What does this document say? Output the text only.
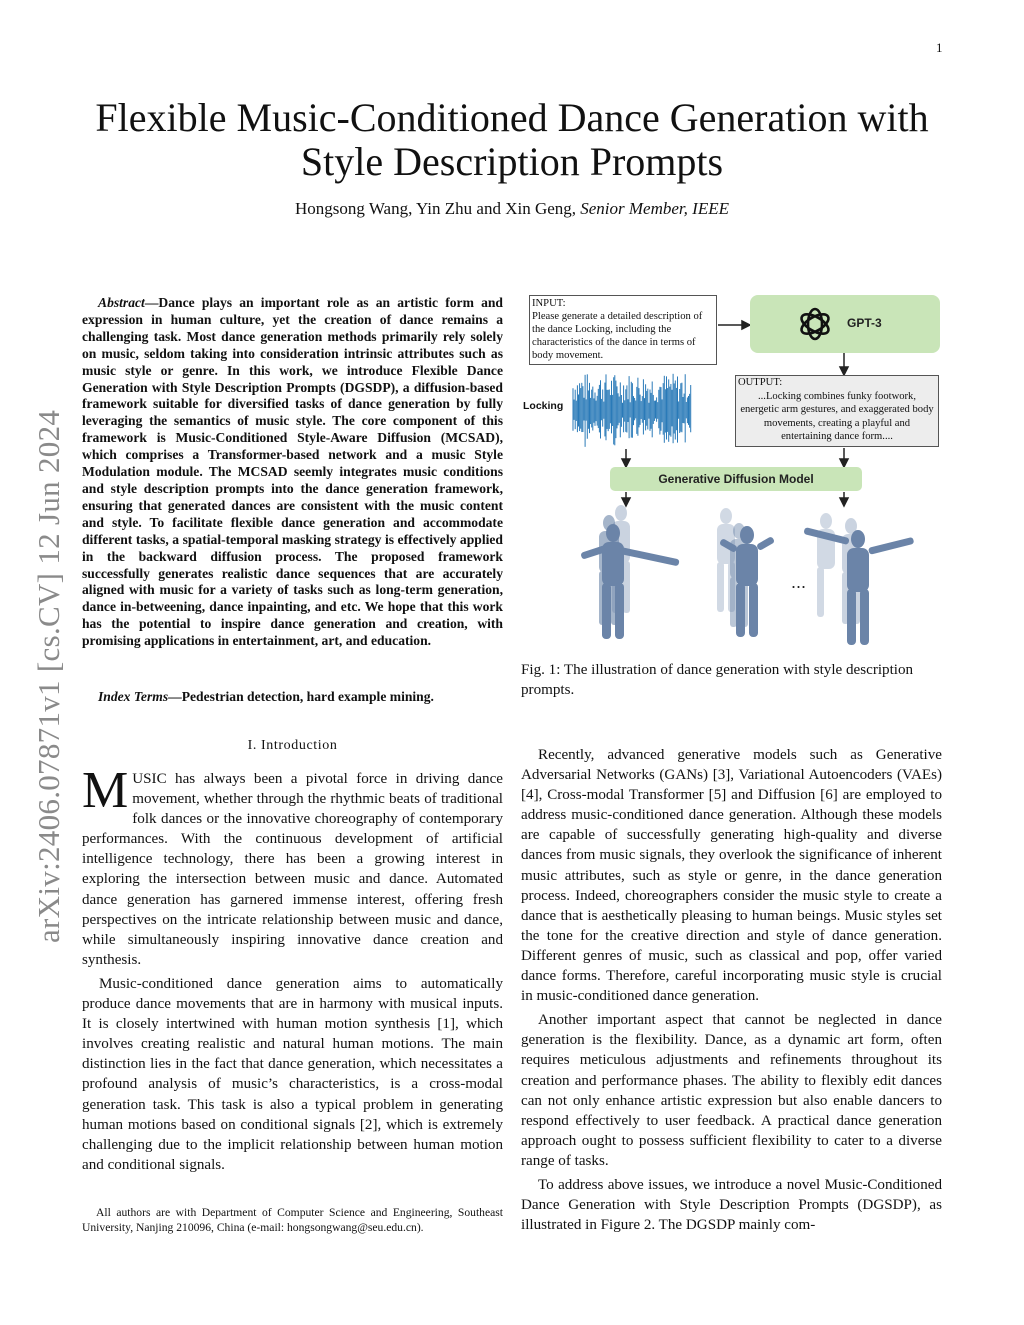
1
Flexible Music-Conditioned Dance Generation with Style Description Prompts
Hongsong Wang, Yin Zhu and Xin Geng, Senior Member, IEEE
arXiv:2406.07871v1 [cs.CV] 12 Jun 2024
Abstract—Dance plays an important role as an artistic form and expression in human culture, yet the creation of dance remains a challenging task. Most dance generation methods primarily rely solely on music, seldom taking into consideration intrinsic attributes such as music style or genre. In this work, we introduce Flexible Dance Generation with Style Description Prompts (DGSDP), a diffusion-based framework suitable for diversified tasks of dance generation by fully leveraging the semantics of music style. The core component of this framework is Music-Conditioned Style-Aware Diffusion (MCSAD), which comprises a Transformer-based network and a music Style Modulation module. The MCSAD seemly integrates music conditions and style description prompts into the dance generation framework, ensuring that generated dances are consistent with the music content and style. To facilitate flexible dance generation and accommodate different tasks, a spatial-temporal masking strategy is effectively applied in the backward diffusion process. The proposed framework successfully generates realistic dance sequences that are accurately aligned with music for a variety of tasks such as long-term generation, dance in-betweening, dance inpainting, and etc. We hope that this work has the potential to inspire dance generation and creation, with promising applications in entertainment, art, and education.
Index Terms—Pedestrian detection, hard example mining.
I. Introduction

MUSIC has always been a pivotal force in driving dance movement, whether through the rhythmic beats of traditional folk dances or the innovative choreography of contemporary performances. With the continuous development of artificial intelligence technology, there has been a growing interest in exploring the intersection between music and dance. Automated dance generation has garnered immense interest, offering fresh perspectives on the intricate relationship between music and dance, while simultaneously inspiring innovative dance creation and synthesis.

Music-conditioned dance generation aims to automatically produce dance movements that are in harmony with musical inputs. It is closely intertwined with human motion synthesis [1], which involves creating realistic and natural human motions. The main distinction lies in the fact that dance generation, which necessitates a profound analysis of music’s characteristics, is a cross-modal generation task. This task is also a typical problem in generating human motions based on conditional signals [2], which is extremely challenging due to the implicit relationship between human motion and conditional signals.

All authors are with Department of Computer Science and Engineering, Southeast University, Nanjing 210096, China (e-mail: hongsongwang@seu.edu.cn).

Recently, advanced generative models such as Generative Adversarial Networks (GANs) [3], Variational Autoencoders (VAEs) [4], Cross-modal Transformer [5] and Diffusion [6] are employed to address music-conditioned dance generation. Although these models are capable of successfully generating high-quality and diverse dances from music signals, they overlook the significance of inherent music attributes, such as style or genre, in the dance generation process. Indeed, choreographers consider the music style to create a dance that is aesthetically pleasing to human beings. Music styles set the tone for the creative direction and style of dance generation. Different genres of music, such as classical and pop, offer varied dance forms. Therefore, careful incorporating music style is crucial in music-conditioned dance generation.

Another important aspect that cannot be neglected in dance generation is the flexibility. Dance, as a dynamic art form, often requires meticulous adjustments and refinements throughout its creation and performance phases. The ability to flexibly edit dances can not only enhance artistic expression but also enable dancers to respond effectively to user feedback. A practical dance generation approach ought to possess sufficient flexibility to cater to a diverse range of tasks.

To address above issues, we introduce a novel Music-Conditioned Dance Generation with Style Description Prompts (DGSDP), as illustrated in Figure 2. The DGSDP mainly com-

...
INPUT:
Please generate a detailed description of the dance Locking, including the characteristics of the dance in terms of body movement.
GPT-3
OUTPUT:
...Locking combines funky footwork, energetic arm gestures, and exaggerated body movements, creating a playful and entertaining dance form....
Locking
Generative Diffusion Model
Fig. 1: The illustration of dance generation with style description prompts.
